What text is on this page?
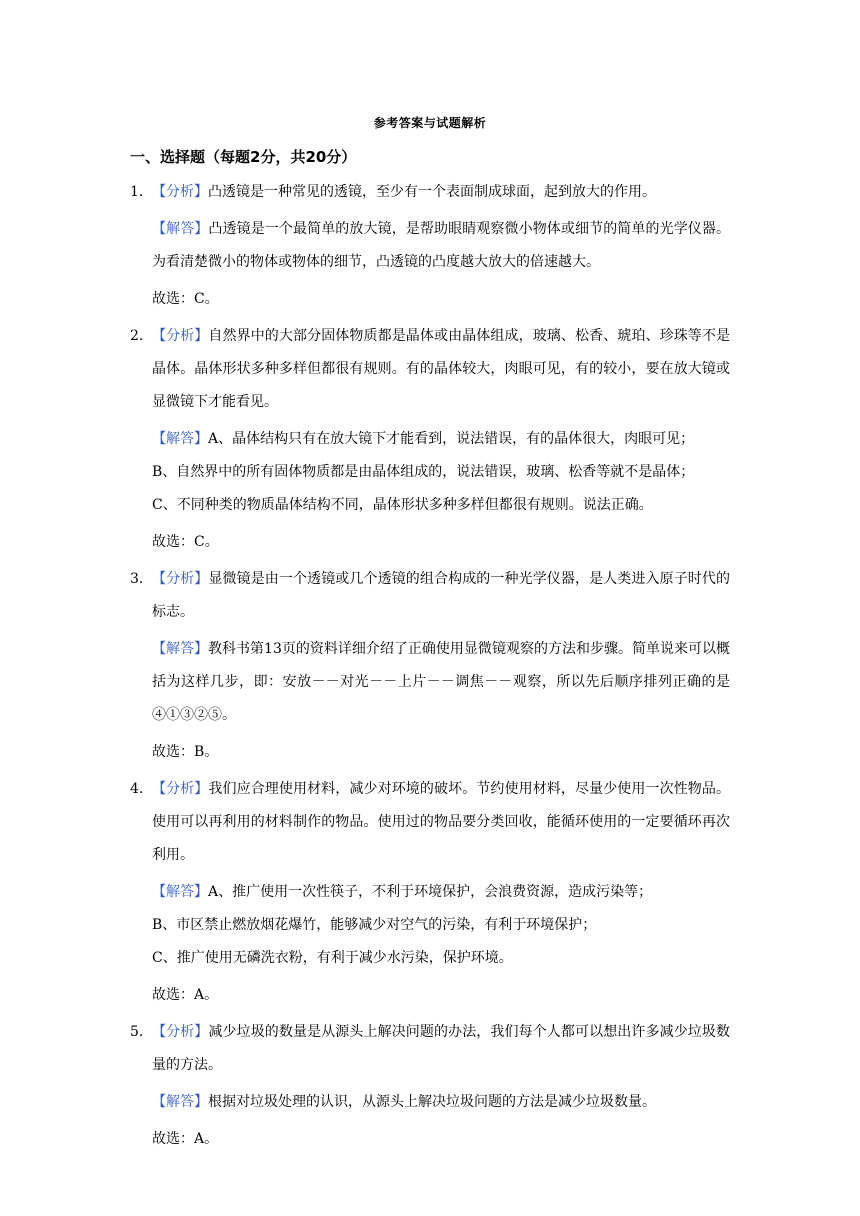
参考答案与试题解析
一、选择题（每题2分，共20分）
1． 【分析】凸透镜是一种常见的透镜，至少有一个表面制成球面，起到放大的作用。

【解答】凸透镜是一个最简单的放大镜，是帮助眼睛观察微小物体或细节的简单的光学仪器。为看清楚微小的物体或物体的细节，凸透镜的凸度越大放大的倍速越大。

故选：C。

2． 【分析】自然界中的大部分固体物质都是晶体或由晶体组成，玻璃、松香、琥珀、珍珠等不是晶体。晶体形状多种多样但都很有规则。有的晶体较大，肉眼可见，有的较小，要在放大镜或显微镜下才能看见。

【解答】A、晶体结构只有在放大镜下才能看到，说法错误，有的晶体很大，肉眼可见；

B、自然界中的所有固体物质都是由晶体组成的，说法错误，玻璃、松香等就不是晶体；

C、不同种类的物质晶体结构不同，晶体形状多种多样但都很有规则。说法正确。

故选：C。

3． 【分析】显微镜是由一个透镜或几个透镜的组合构成的一种光学仪器，是人类进入原子时代的标志。

【解答】教科书第13页的资料详细介绍了正确使用显微镜观察的方法和步骤。简单说来可以概括为这样几步，即：安放－－对光－－上片－－调焦－－观察，所以先后顺序排列正确的是④①③②⑤。

故选：B。

4． 【分析】我们应合理使用材料，减少对环境的破坏。节约使用材料，尽量少使用一次性物品。使用可以再利用的材料制作的物品。使用过的物品要分类回收，能循环使用的一定要循环再次利用。

【解答】A、推广使用一次性筷子，不利于环境保护，会浪费资源，造成污染等；

B、市区禁止燃放烟花爆竹，能够减少对空气的污染，有利于环境保护；

C、推广使用无磷洗衣粉，有利于减少水污染，保护环境。

故选：A。

5． 【分析】减少垃圾的数量是从源头上解决问题的办法，我们每个人都可以想出许多减少垃圾数量的方法。

【解答】根据对垃圾处理的认识，从源头上解决垃圾问题的方法是减少垃圾数量。

故选：A。
